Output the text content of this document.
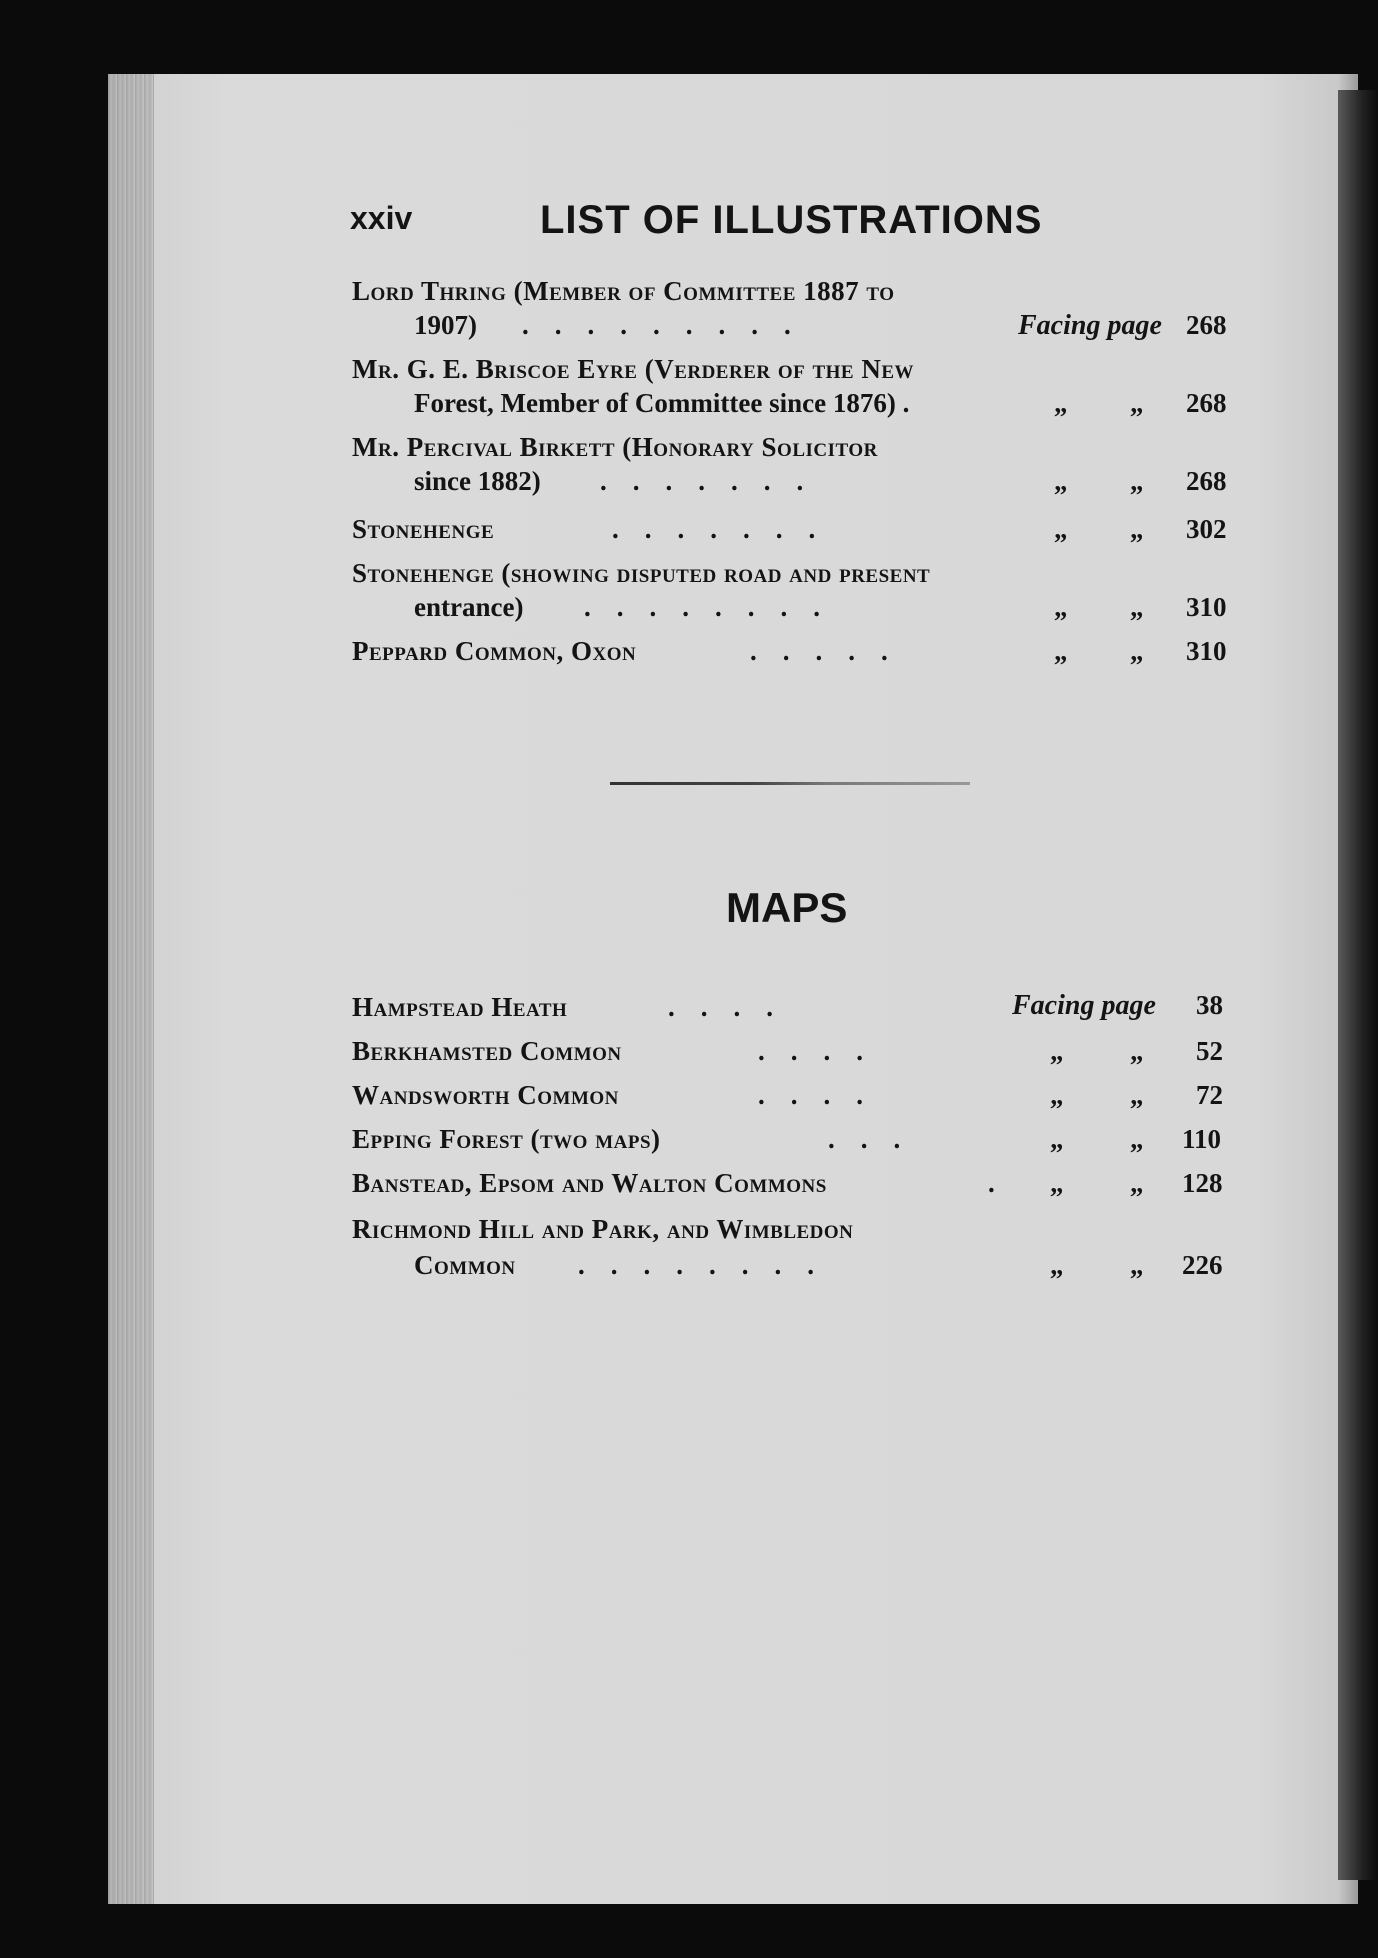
xxiv	LIST OF ILLUSTRATIONS
Lord Thring (Member of Committee 1887 to
1907) .........	Facing page 268
Mr. G. E. Briscoe Eyre (Verderer of the New
Forest, Member of Committee since 1876) .	„ „ 268
Mr. Percival Birkett (Honorary Solicitor
since 1882) .......	„ „ 268
Stonehenge	.......	„ „ 302
Stonehenge (showing disputed road and present
entrance) ........	„ „ 310
Peppard Common, Oxon	.....	„ „ 310
MAPS
Hampstead Heath	....	Facing page 38
Berkhamsted Common	....	„ „ 52
Wandsworth Common	....	„ „ 72
Epping Forest (two maps)	...	„ „ 110
Banstead, Epsom and Walton Commons	. „ „ 128
Richmond Hill and Park, and Wimbledon
Common ........	„ „ 226
